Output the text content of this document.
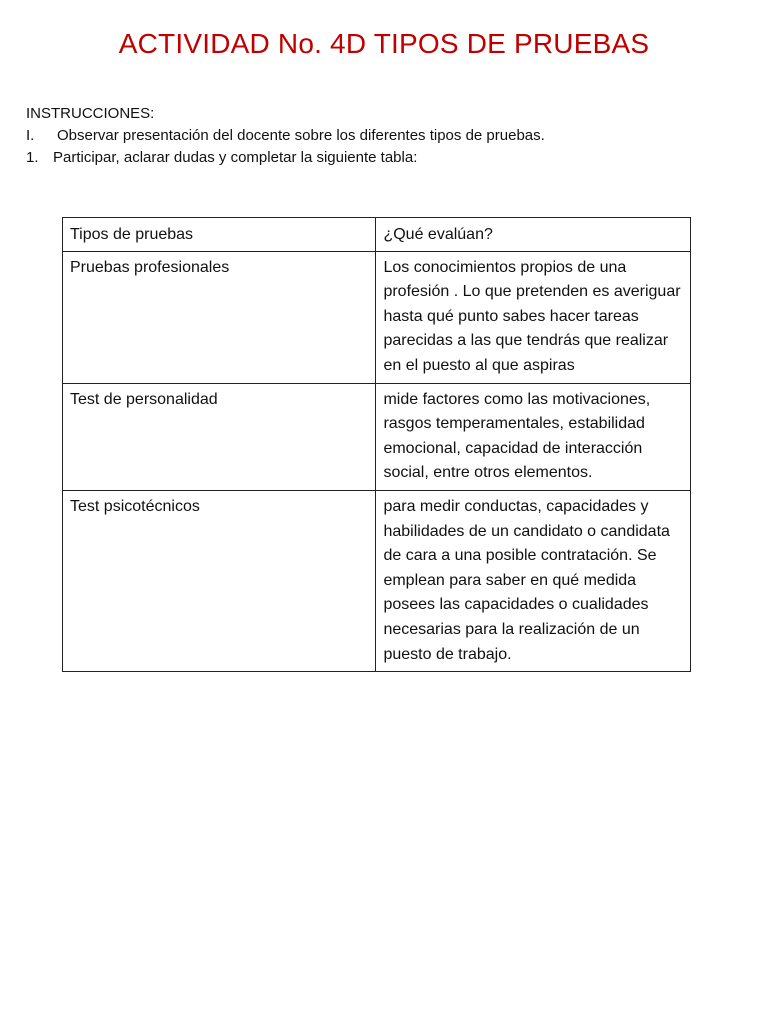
ACTIVIDAD No. 4D TIPOS DE PRUEBAS
INSTRUCCIONES:
I.	Observar presentación del docente sobre los diferentes tipos de pruebas.
1. Participar, aclarar dudas y completar la siguiente tabla:
Tipos de pruebas	¿Qué evalúan?
Pruebas profesionales	Los conocimientos propios de una profesión . Lo que pretenden es averiguar hasta qué punto sabes hacer tareas parecidas a las que tendrás que realizar en el puesto al que aspiras
Test de personalidad	mide factores como las motivaciones, rasgos temperamentales, estabilidad emocional, capacidad de interacción social, entre otros elementos.
Test psicotécnicos	para medir conductas, capacidades y habilidades de un candidato o candidata de cara a una posible contratación. Se emplean para saber en qué medida posees las capacidades o cualidades necesarias para la realización de un puesto de trabajo.
